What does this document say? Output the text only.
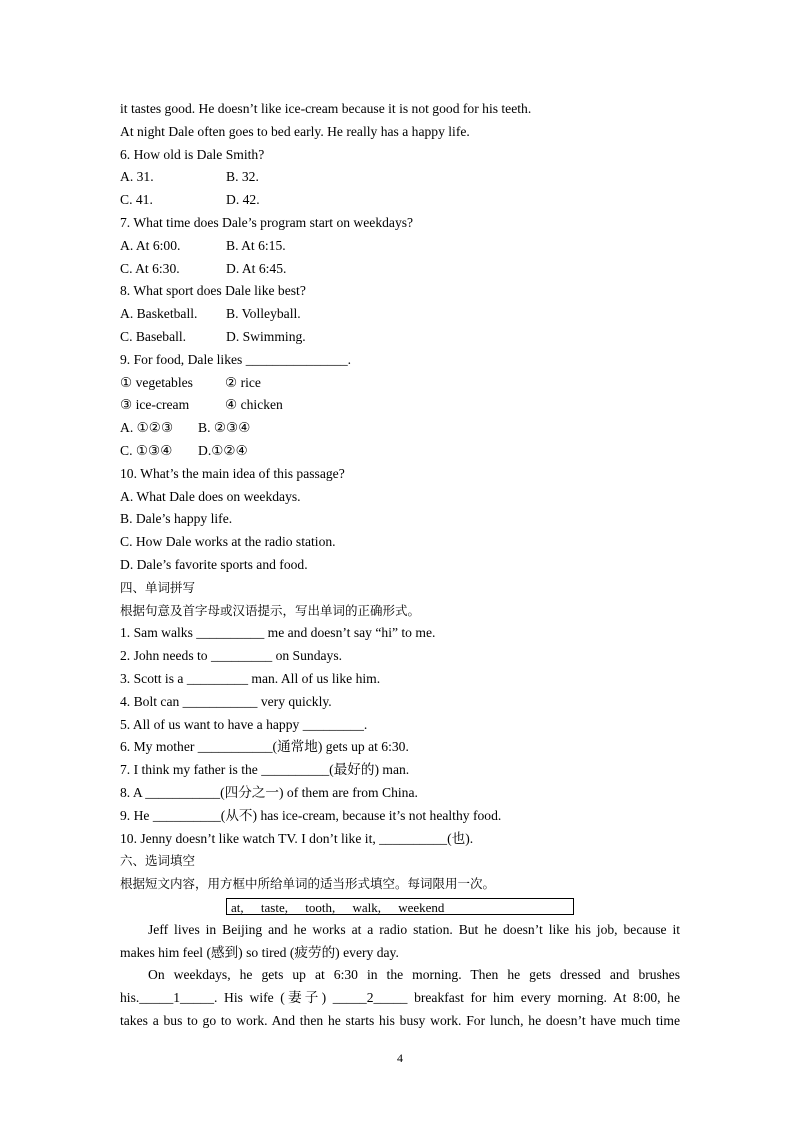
it tastes good. He doesn’t like ice-cream because it is not good for his teeth.
At night Dale often goes to bed early. He really has a happy life.
6. How old is Dale Smith?
A. 31.	B. 32.
C. 41.	D. 42.
7. What time does Dale’s program start on weekdays?
A. At 6:00.	B. At 6:15.
C. At 6:30.	D. At 6:45.
8. What sport does Dale like best?
A. Basketball. B. Volleyball.
C. Baseball.	D. Swimming.
9. For food, Dale likes _______________.
① vegetables ② rice
③ ice-cream	④ chicken
A. ①②③ B. ②③④
C. ①③④ D.①②④
10. What’s the main idea of this passage?
A. What Dale does on weekdays.
B. Dale’s happy life.
C. How Dale works at the radio station.
D. Dale’s favorite sports and food.
四、单词拼写
根据句意及首字母或汉语提示，写出单词的正确形式。
1. Sam walks __________ me and doesn’t say “hi” to me.
2. John needs to _________ on Sundays.
3. Scott is a _________ man. All of us like him.
4. Bolt can ___________ very quickly.
5. All of us want to have a happy _________.
6. My mother ___________(通常地) gets up at 6:30.
7. I think my father is the __________(最好的) man.
8. A ___________(四分之一) of them are from China.
9. He __________(从不) has ice-cream, because it’s not healthy food.
10. Jenny doesn’t like watch TV. I don’t like it, __________(也).
六、选词填空
根据短文内容，用方框中所给单词的适当形式填空。每词限用一次。
at, taste, tooth, walk, weekend
Jeff lives in Beijing and he works at a radio station. But he doesn’t like his job, because it
makes him feel (感到) so tired (疲劳的) every day.
On weekdays, he gets up at 6:30 in the morning. Then he gets dressed and brushes
his._____1_____. His wife (妻子) _____2_____ breakfast for him every morning. At 8:00, he
takes a bus to go to work. And then he starts his busy work. For lunch, he doesn’t have much time
4
